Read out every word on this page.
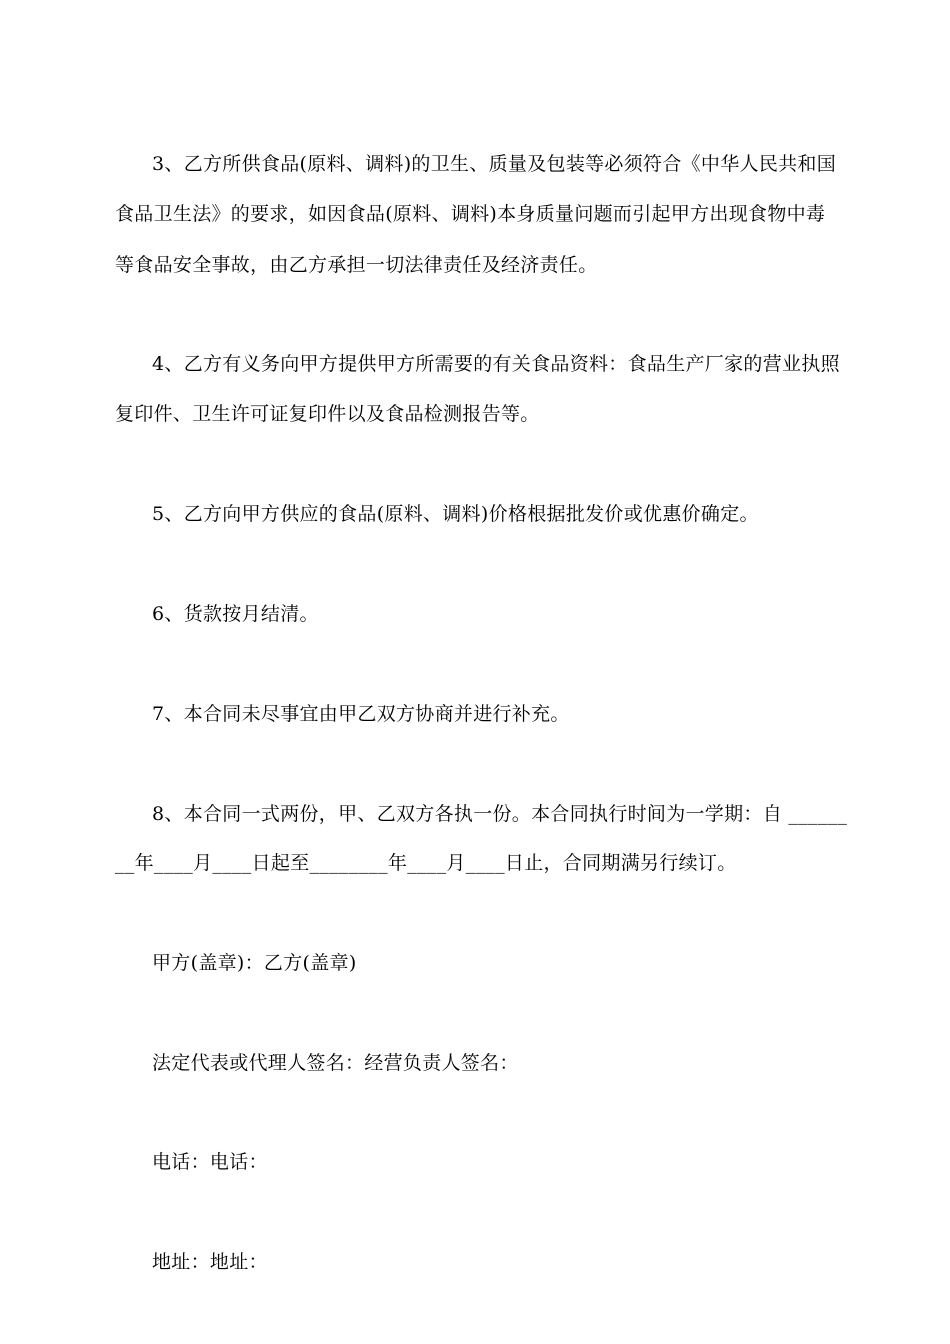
3、乙方所供食品(原料、调料)的卫生、质量及包装等必须符合《中华人民共和国
食品卫生法》的要求，如因食品(原料、调料)本身质量问题而引起甲方出现食物中毒
等食品安全事故，由乙方承担一切法律责任及经济责任。
4、乙方有义务向甲方提供甲方所需要的有关食品资料：食品生产厂家的营业执照
复印件、卫生许可证复印件以及食品检测报告等。
5、乙方向甲方供应的食品(原料、调料)价格根据批发价或优惠价确定。
6、货款按月结清。
7、本合同未尽事宜由甲乙双方协商并进行补充。
8、本合同一式两份，甲、乙双方各执一份。本合同执行时间为一学期：自 ______
__年____月____日起至________年____月____日止，合同期满另行续订。
甲方(盖章)：乙方(盖章)
法定代表或代理人签名：经营负责人签名：
电话：电话：
地址：地址：
